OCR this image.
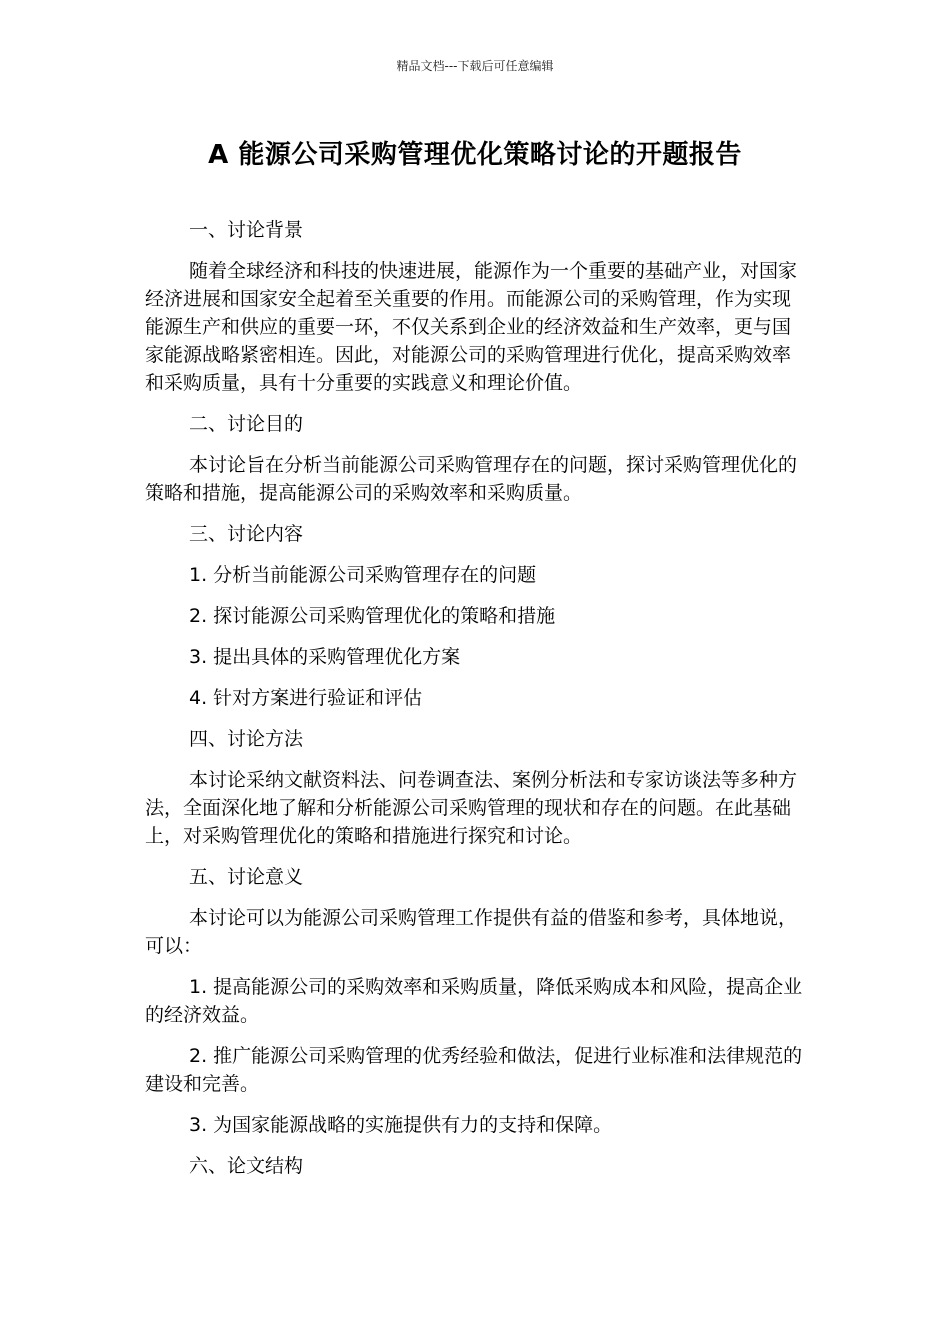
精品文档---下载后可任意编辑
A 能源公司采购管理优化策略讨论的开题报告

一、讨论背景

随着全球经济和科技的快速进展，能源作为一个重要的基础产业，对国家经济进展和国家安全起着至关重要的作用。而能源公司的采购管理，作为实现能源生产和供应的重要一环，不仅关系到企业的经济效益和生产效率，更与国家能源战略紧密相连。因此，对能源公司的采购管理进行优化，提高采购效率和采购质量，具有十分重要的实践意义和理论价值。

二、讨论目的

本讨论旨在分析当前能源公司采购管理存在的问题，探讨采购管理优化的策略和措施，提高能源公司的采购效率和采购质量。

三、讨论内容

1. 分析当前能源公司采购管理存在的问题

2. 探讨能源公司采购管理优化的策略和措施

3. 提出具体的采购管理优化方案

4. 针对方案进行验证和评估

四、讨论方法

本讨论采纳文献资料法、问卷调查法、案例分析法和专家访谈法等多种方法，全面深化地了解和分析能源公司采购管理的现状和存在的问题。在此基础上，对采购管理优化的策略和措施进行探究和讨论。

五、讨论意义

本讨论可以为能源公司采购管理工作提供有益的借鉴和参考，具体地说，可以：

1. 提高能源公司的采购效率和采购质量，降低采购成本和风险，提高企业的经济效益。

2. 推广能源公司采购管理的优秀经验和做法，促进行业标准和法律规范的建设和完善。

3. 为国家能源战略的实施提供有力的支持和保障。

六、论文结构
